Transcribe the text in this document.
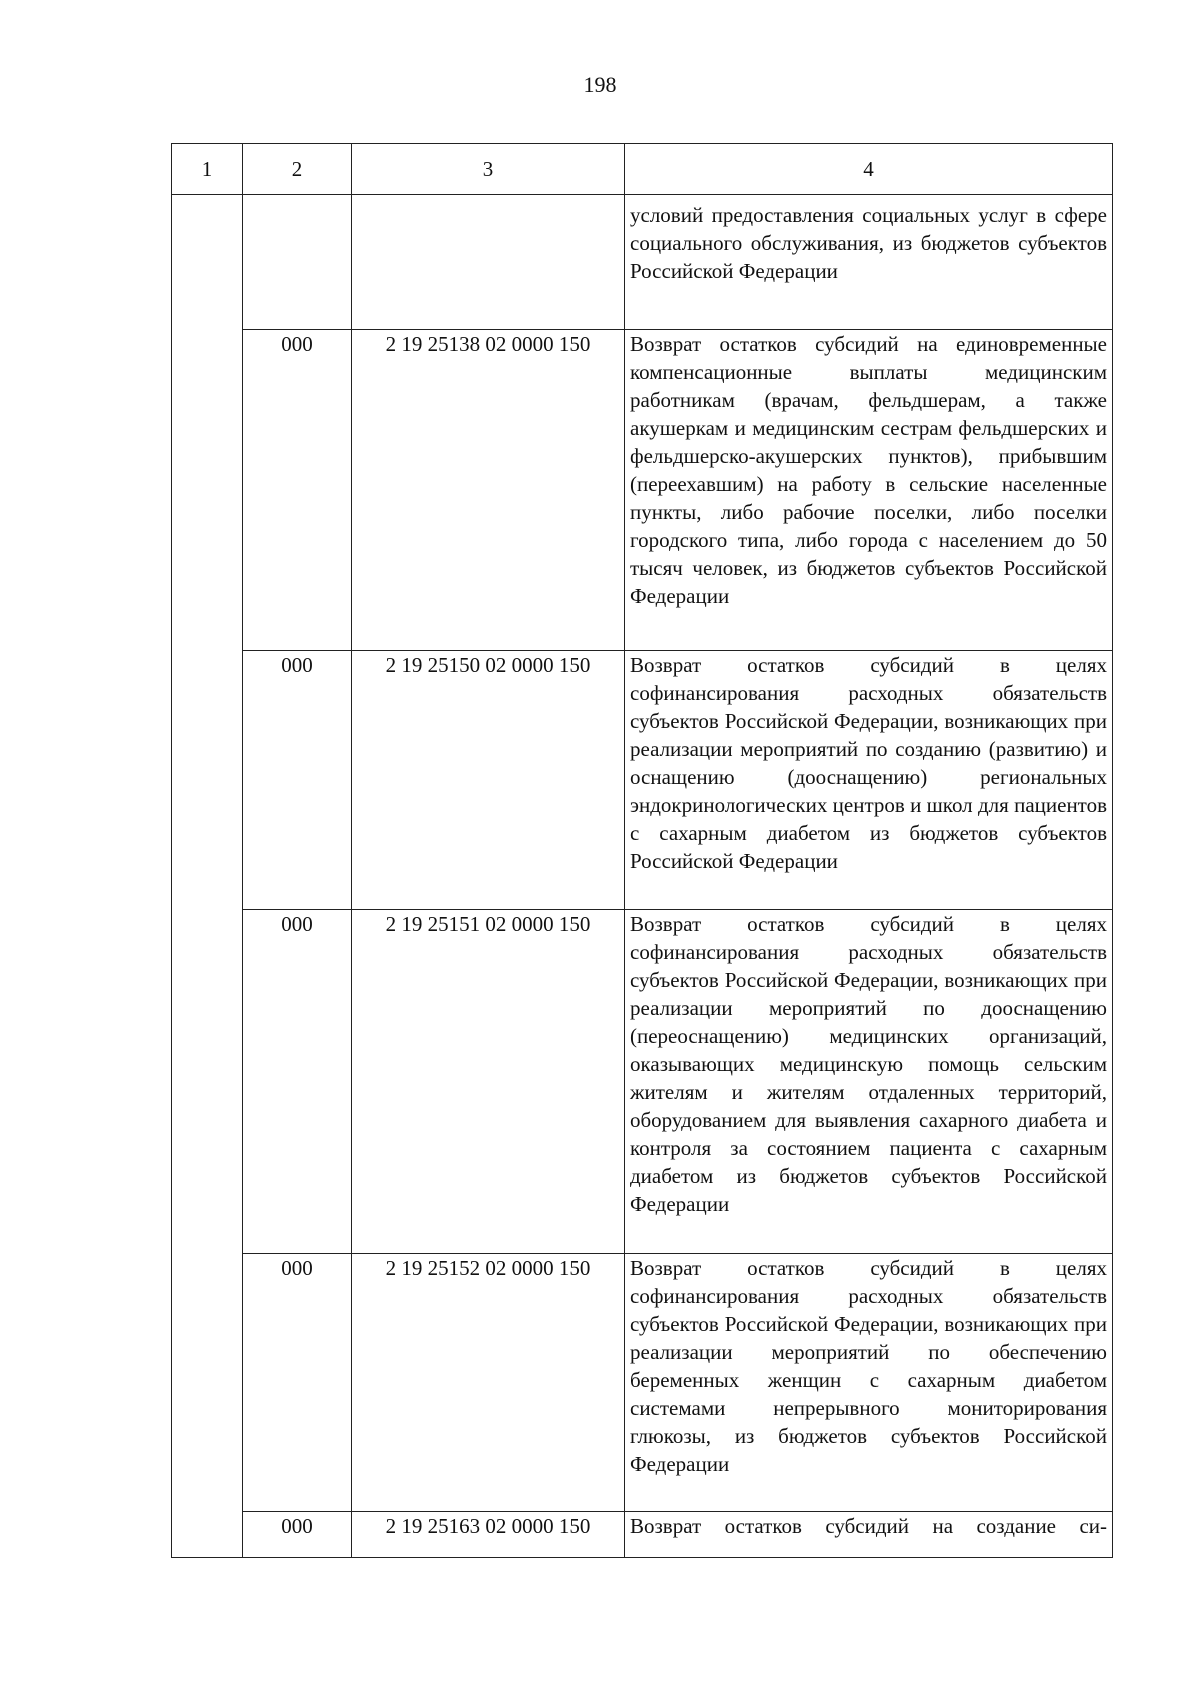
198
1	2	3	4
			условий предоставления социальных услуг в сфере социального обслуживания, из бюджетов субъектов Российской Федерации
	000	2 19 25138 02 0000 150	Возврат остатков субсидий на единовременные компенсационные выплаты медицинским работникам (врачам, фельдшерам, а также акушеркам и медицинским сестрам фельдшерских и фельдшерско-акушерских пунктов), прибывшим (переехавшим) на работу в сельские населенные пункты, либо рабочие поселки, либо поселки городского типа, либо города с населением до 50 тысяч человек, из бюджетов субъектов Российской Федерации
	000	2 19 25150 02 0000 150	Возврат остатков субсидий в целях софинансирования расходных обязательств субъектов Российской Федерации, возникающих при реализации мероприятий по созданию (развитию) и оснащению (дооснащению) региональных эндокринологических центров и школ для пациентов с сахарным диабетом из бюджетов субъектов Российской Федерации
	000	2 19 25151 02 0000 150	Возврат остатков субсидий в целях софинансирования расходных обязательств субъектов Российской Федерации, возникающих при реализации мероприятий по дооснащению (переоснащению) медицинских организаций, оказывающих медицинскую помощь сельским жителям и жителям отдаленных территорий, оборудованием для выявления сахарного диабета и контроля за состоянием пациента с сахарным диабетом из бюджетов субъектов Российской Федерации
	000	2 19 25152 02 0000 150	Возврат остатков субсидий в целях софинансирования расходных обязательств субъектов Российской Федерации, возникающих при реализации мероприятий по обеспечению беременных женщин с сахарным диабетом системами непрерывного мониторирования глюкозы, из бюджетов субъектов Российской Федерации
	000	2 19 25163 02 0000 150	Возврат остатков субсидий на создание си-
